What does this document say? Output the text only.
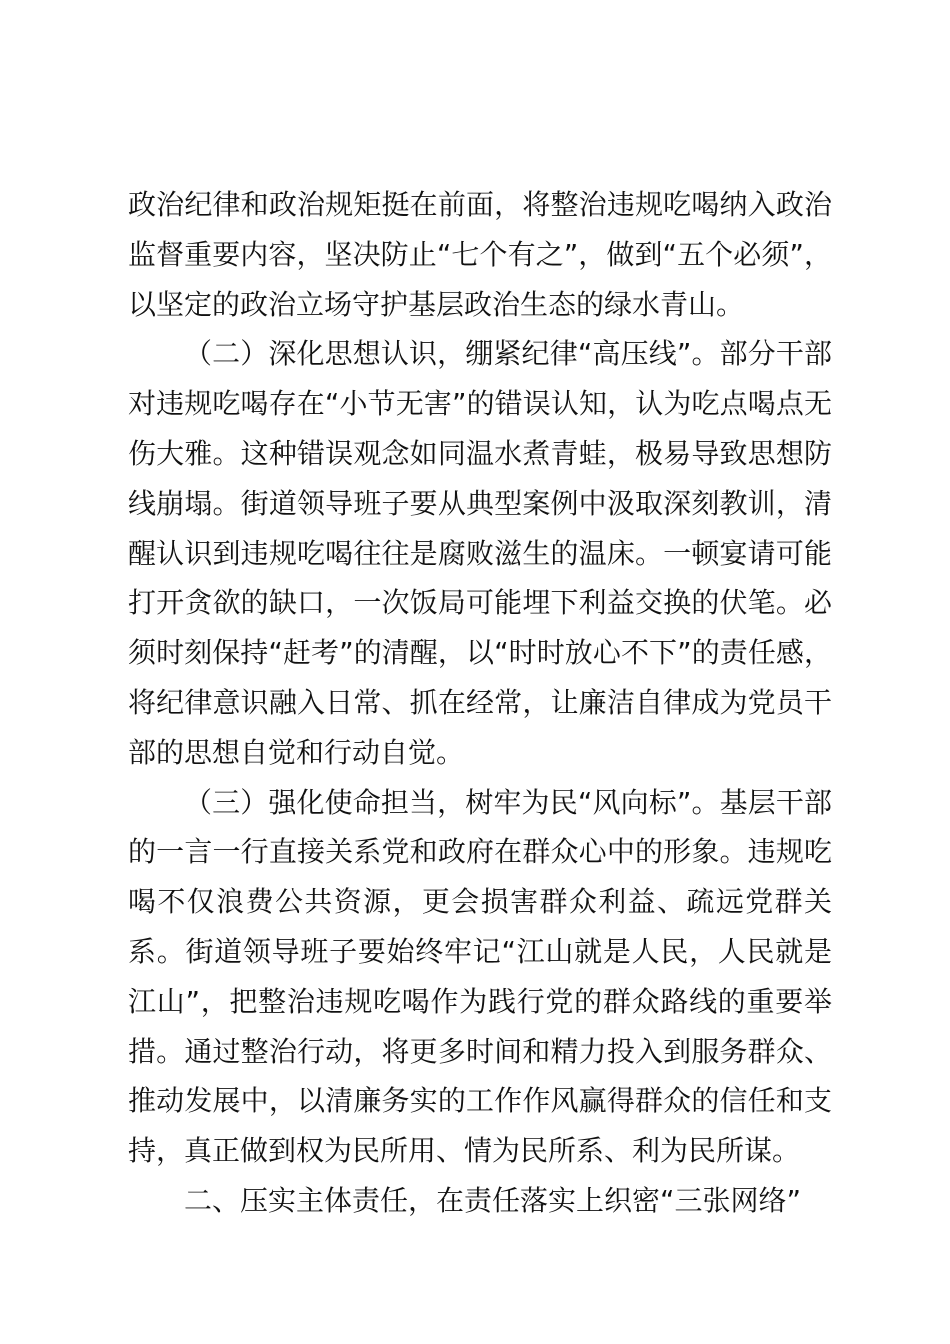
政治纪律和政治规矩挺在前面，将整治违规吃喝纳入政治监督重要内容，坚决防止“七个有之”，做到“五个必须”，以坚定的政治立场守护基层政治生态的绿水青山。

（二）深化思想认识，绷紧纪律“高压线”。部分干部对违规吃喝存在“小节无害”的错误认知，认为吃点喝点无伤大雅。这种错误观念如同温水煮青蛙，极易导致思想防线崩塌。街道领导班子要从典型案例中汲取深刻教训，清醒认识到违规吃喝往往是腐败滋生的温床。一顿宴请可能打开贪欲的缺口，一次饭局可能埋下利益交换的伏笔。必须时刻保持“赶考”的清醒，以“时时放心不下”的责任感，将纪律意识融入日常、抓在经常，让廉洁自律成为党员干部的思想自觉和行动自觉。

（三）强化使命担当，树牢为民“风向标”。基层干部的一言一行直接关系党和政府在群众心中的形象。违规吃喝不仅浪费公共资源，更会损害群众利益、疏远党群关系。街道领导班子要始终牢记“江山就是人民，人民就是江山”，把整治违规吃喝作为践行党的群众路线的重要举措。通过整治行动，将更多时间和精力投入到服务群众、推动发展中，以清廉务实的工作作风赢得群众的信任和支持，真正做到权为民所用、情为民所系、利为民所谋。

二、压实主体责任，在责任落实上织密“三张网络”
